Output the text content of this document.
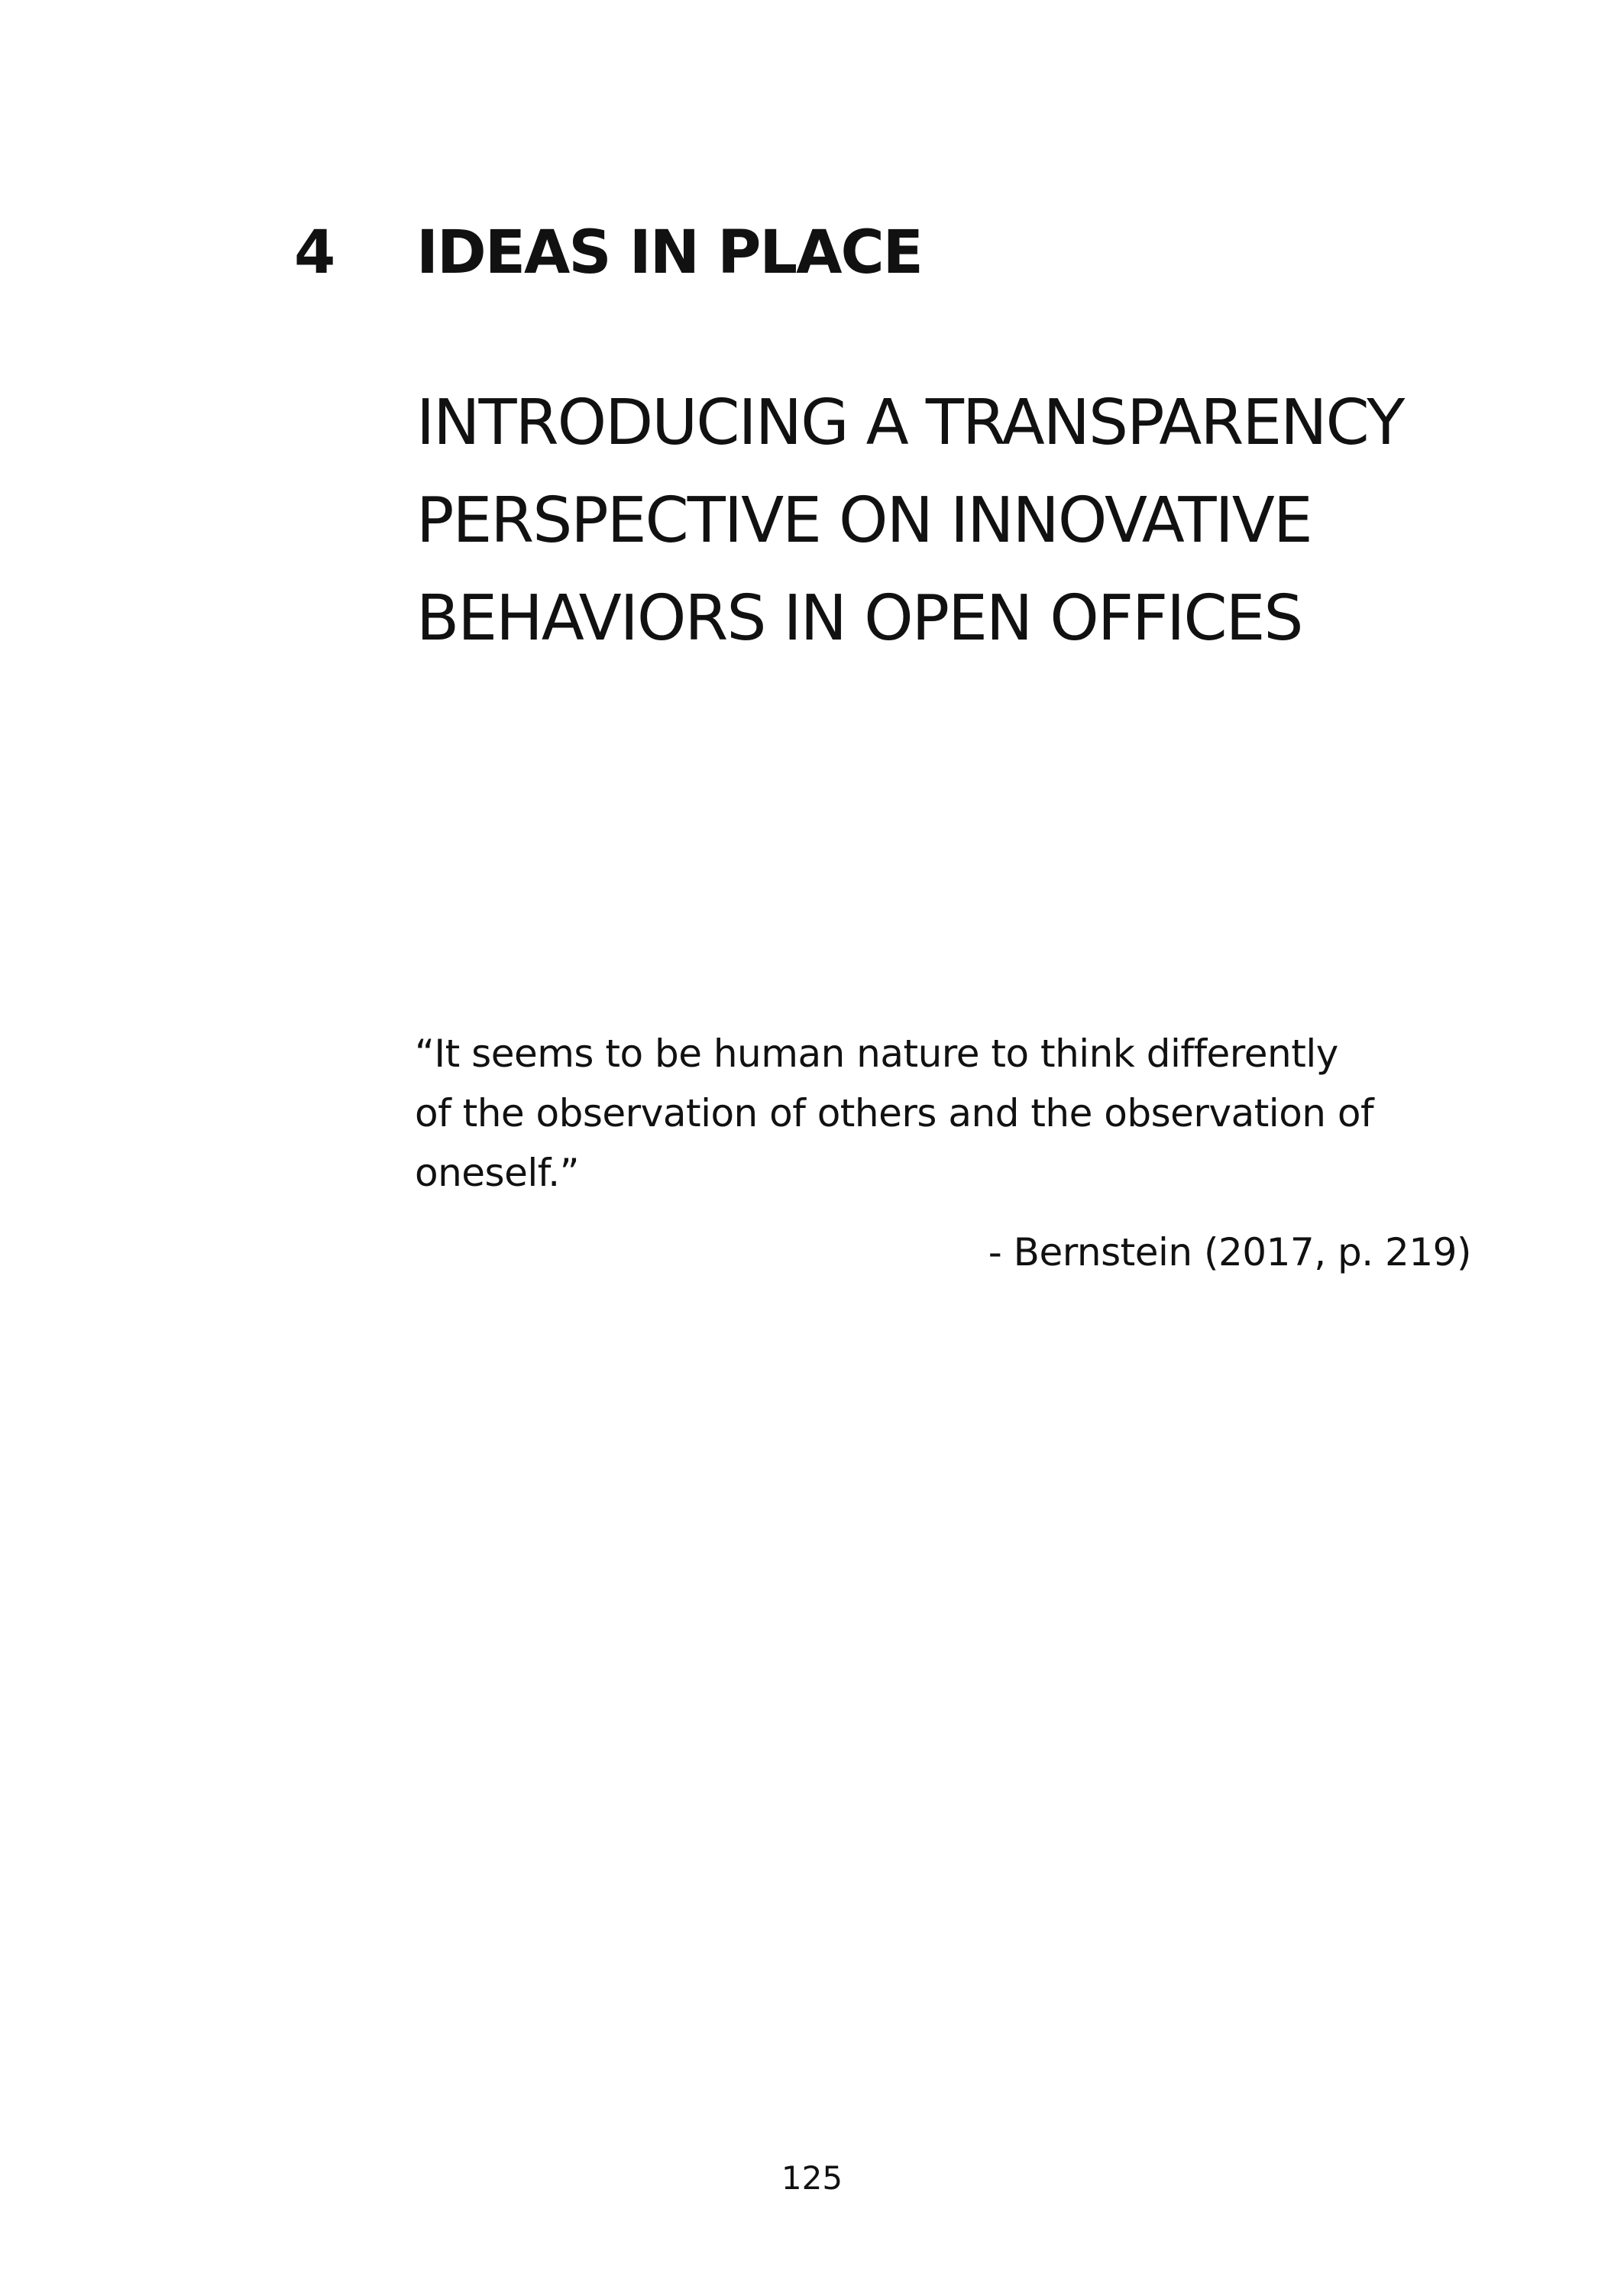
4 IDEAS IN PLACE
INTRODUCING A TRANSPARENCY
PERSPECTIVE ON INNOVATIVE
BEHAVIORS IN OPEN OFFICES
“It seems to be human nature to think differently
of the observation of others and the observation of
oneself.”
- Bernstein (2017, p. 219)
125
